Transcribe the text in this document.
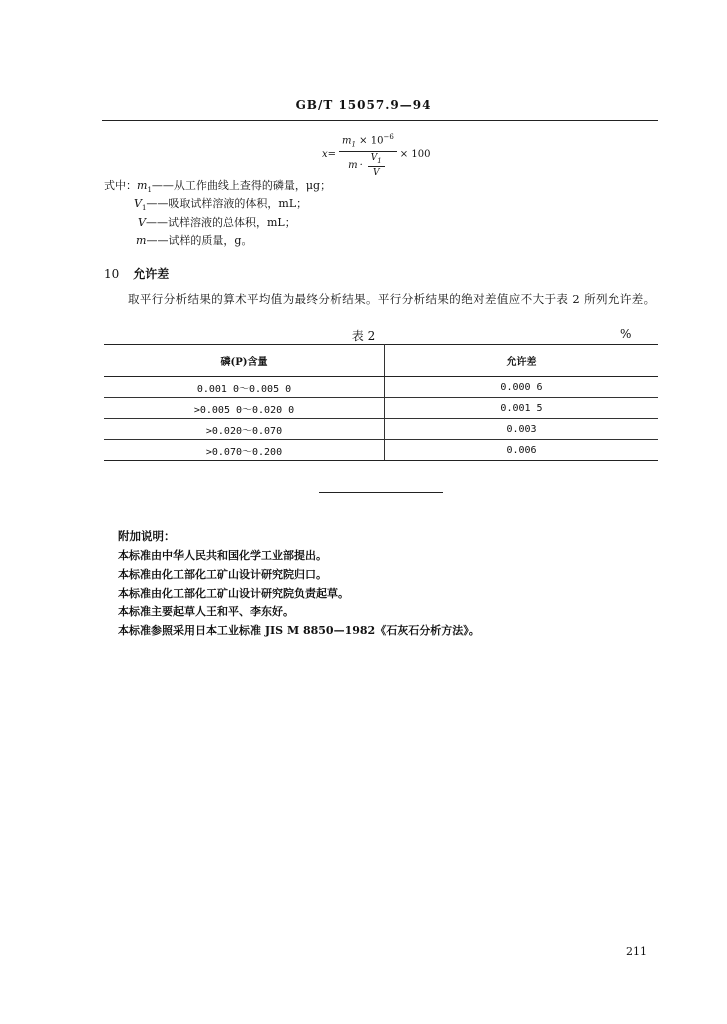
GB/T 15057.9—94
$x = \frac{m_1 \times 10^{-6}}{m \cdot \frac{V_1}{V}} \times 100$
式中：$m_1——$从工作曲线上查得的磷量，μg；
$V_1——$吸取试样溶液的体积，mL；
V——试样溶液的总体积，mL；
m——试样的质量，g。
10 允许差
取平行分析结果的算术平均值为最终分析结果。平行分析结果的绝对差值应不大于表 2 所列允许差。
表 2	%
磷(P)含量	允许差
0.001 0～0.005 0	0.000 6
>0.005 0～0.020 0	0.001 5
>0.020～0.070	0.003
>0.070～0.200	0.006
附加说明：
本标准由中华人民共和国化学工业部提出。
本标准由化工部化工矿山设计研究院归口。
本标准由化工部化工矿山设计研究院负责起草。
本标准主要起草人王和平、李东好。
本标准参照采用日本工业标准 JIS M 8850—1982《石灰石分析方法》。
211
